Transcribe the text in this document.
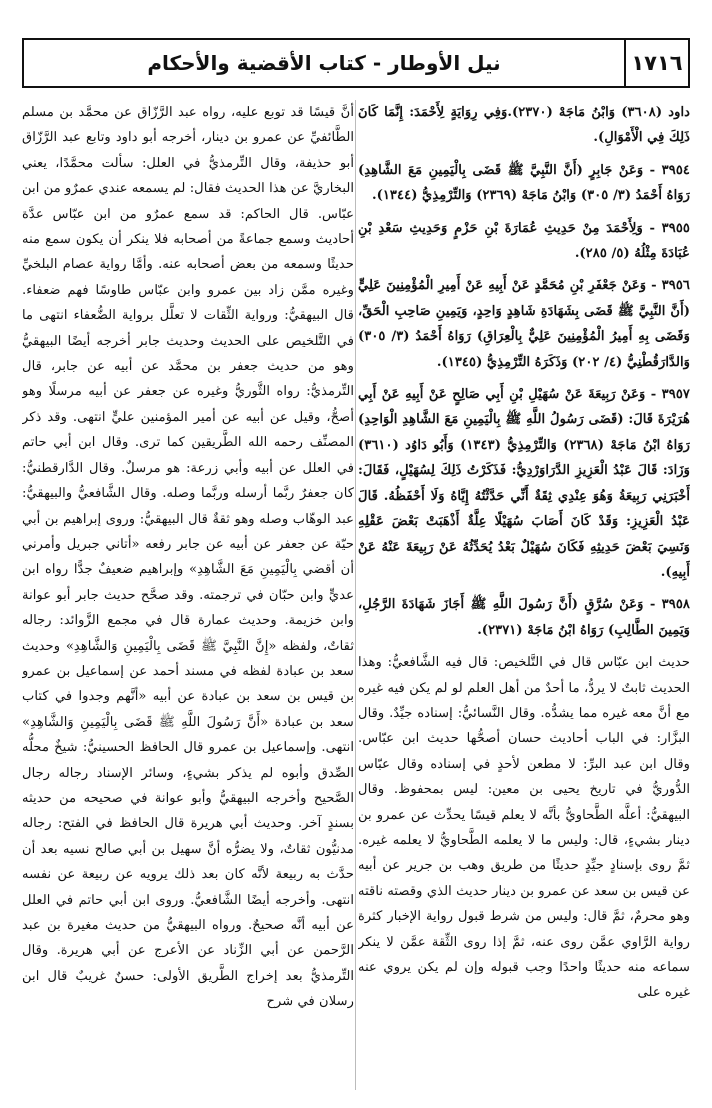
١٧١٦
نيل الأوطار - كتاب الأقضية والأحكام

داود (٣٦٠٨) وَابْنُ مَاجَهْ (٢٣٧٠).وَفِي رِوَايَةٍ لِأَحْمَدَ: إِنَّمَا كَانَ ذَلِكَ فِي الْأَمْوَالِ).

٣٩٥٤ - وَعَنْ جَابِرٍ (أَنَّ النَّبِيَّ ﷺ قَضَى بِالْيَمِينِ مَعَ الشَّاهِدِ) رَوَاهُ أَحْمَدُ (٣/ ٣٠٥) وَابْنُ مَاجَهْ (٢٣٦٩) وَالتِّرْمِذِيُّ (١٣٤٤).

٣٩٥٥ - وَلِأَحْمَدَ مِنْ حَدِيثِ عُمَارَةَ بْنِ حَزْمٍ وَحَدِيثِ سَعْدِ بْنِ عُبَادَةَ مِثْلُهُ (٥/ ٢٨٥).

٣٩٥٦ - وَعَنْ جَعْفَرِ بْنِ مُحَمَّدٍ عَنْ أَبِيهِ عَنْ أَمِيرِ الْمُؤْمِنِينَ عَلِيٍّ (أَنَّ النَّبِيَّ ﷺ قَضَى بِشَهَادَةِ شَاهِدٍ وَاحِدٍ، وَيَمِينِ صَاحِبِ الْحَقِّ، وَقَضَى بِهِ أَمِيرُ الْمُؤْمِنِينَ عَلِيٌّ بِالْعِرَاقِ) رَوَاهُ أَحْمَدُ (٣/ ٣٠٥) وَالدَّارَقُطْنِيُّ (٤/ ٢٠٢) وَذَكَرَهُ التِّرْمِذِيُّ (١٣٤٥).

٣٩٥٧ - وَعَنْ رَبِيعَةَ عَنْ سُهَيْلِ بْنِ أَبِي صَالِحٍ عَنْ أَبِيهِ عَنْ أَبِي هُرَيْرَةَ قَالَ: (قَضَى رَسُولُ اللَّهِ ﷺ بِالْيَمِينِ مَعَ الشَّاهِدِ الْوَاحِدِ) رَوَاهُ ابْنُ مَاجَهْ (٢٣٦٨) وَالتِّرْمِذِيُّ (١٣٤٣) وَأَبُو دَاوُد (٣٦١٠) وَزَادَ: قَالَ عَبْدُ الْعَزِيزِ الدَّرَاوَرْدِيُّ: فَذَكَرْتُ ذَلِكَ لِسُهَيْلٍ، فَقَالَ: أَخْبَرَنِي رَبِيعَةُ وَهُوَ عِنْدِي ثِقَةٌ أَنِّي حَدَّثْتُهُ إِيَّاهُ وَلَا أَحْفَظُهُ. قَالَ عَبْدُ الْعَزِيزِ: وَقَدْ كَانَ أَصَابَ سُهَيْلًا عِلَّةٌ أَذْهَبَتْ بَعْضَ عَقْلِهِ وَنَسِيَ بَعْضَ حَدِيثِهِ فَكَانَ سُهَيْلٌ بَعْدُ يُحَدِّثُهُ عَنْ رَبِيعَةَ عَنْهُ عَنْ أَبِيهِ).

٣٩٥٨ - وَعَنْ سُرَّقٍ (أَنَّ رَسُولَ اللَّهِ ﷺ أَجَازَ شَهَادَةَ الرَّجُلِ، وَيَمِينَ الطَّالِبِ) رَوَاهُ ابْنُ مَاجَهْ (٢٣٧١).

حديث ابن عبّاس قال في التَّلخيص: قال فيه الشَّافعيُّ: وهذا الحديث ثابتٌ لا يردُّ، ما أحدٌ من أهل العلم لو لم يكن فيه غيره مع أنَّ معه غيره مما يشدُّه. وقال النَّسائيُّ: إسناده جيِّدٌ. وقال البزَّار: في الباب أحاديث حسان أصحُّها حديث ابن عبّاس. وقال ابن عبد البرِّ: لا مطعن لأحدٍ في إسناده وقال عبّاس الدُّوريُّ في تاريخ يحيى بن معين: ليس بمحفوظ. وقال البيهقيُّ: أعلَّه الطَّحاويُّ بأنَّه لا يعلم قيسًا يحدِّث عن عمرو بن دينار بشيءٍ، قال: وليس ما لا يعلمه الطَّحاويُّ لا يعلمه غيره. ثمَّ روى بإسنادٍ جيِّدٍ حديثًا من طريق وهب بن جرير عن أبيه عن قيس بن سعد عن عمرو بن دينار حديث الذي وقصته ناقته وهو محرمٌ، ثمَّ قال: وليس من شرط قبول رواية الإخبار كثرة رواية الرَّاوي عمَّن روى عنه، ثمَّ إذا روى الثِّقة عمَّن لا ينكر سماعه منه حديثًا واحدًا وجب قبوله وإن لم يكن يروي عنه غيره على

أنَّ قيسًا قد توبع عليه، رواه عبد الرَّزّاق عن محمَّد بن مسلم الطَّائفيِّ عن عمرو بن دينار، أخرجه أبو داود وتابع عبد الرَّزّاق أبو حذيفة، وقال التِّرمذيُّ في العلل: سألت محمَّدًا، يعني البخاريَّ عن هذا الحديث فقال: لم يسمعه عندي عمرٌو من ابن عبّاس. قال الحاكم: قد سمع عمرٌو من ابن عبّاس عدَّة أحاديث وسمع جماعةً من أصحابه فلا ينكر أن يكون سمع منه حديثًا وسمعه من بعض أصحابه عنه. وأمَّا رواية عصام البلخيِّ وغيره ممَّن زاد بين عمرو وابن عبّاس طاوسًا فهم ضعفاء. قال البيهقيُّ: ورواية الثِّقات لا تعلَّل برواية الضُّعفاء انتهى ما في التَّلخيص على الحديث وحديث جابر أخرجه أيضًا البيهقيُّ وهو من حديث جعفر بن محمَّد عن أبيه عن جابر، قال التِّرمذيُّ: رواه الثَّوريُّ وغيره عن جعفر عن أبيه مرسلًا وهو أصحُّ، وقيل عن أبيه عن أمير المؤمنين عليٍّ انتهى. وقد ذكر المصنِّف رحمه الله الطَّريقين كما ترى. وقال ابن أبي حاتم في العلل عن أبيه وأبي زرعة: هو مرسلٌ. وقال الدَّارقطنيُّ: كان جعفرٌ ربَّما أرسله وربَّما وصله. وقال الشَّافعيُّ والبيهقيُّ: عبد الوهّاب وصله وهو ثقةٌ قال البيهقيُّ: وروى إبراهيم بن أبي حيّة عن جعفر عن أبيه عن جابر رفعه «أتاني جبريل وأمرني أن أقضي بِالْيَمِينِ مَعَ الشَّاهِدِ» وإبراهيم ضعيفٌ جدًّا رواه ابن عديٍّ وابن حبّان في ترجمته. وقد صحَّح حديث جابر أبو عوانة وابن خزيمة. وحديث عمارة قال في مجمع الزَّوائد: رجاله ثقاتٌ، ولفظه «إِنَّ النَّبِيَّ ﷺ قَضَى بِالْيَمِينِ وَالشَّاهِدِ» وحديث سعد بن عبادة لفظه في مسند أحمد عن إسماعيل بن عمرو بن قيس بن سعد بن عبادة عن أبيه «أنَّهم وجدوا في كتاب سعد بن عبادة «أَنَّ رَسُولَ اللَّهِ ﷺ قَضَى بِالْيَمِينِ وَالشَّاهِدِ» انتهى. وإسماعيل بن عمرو قال الحافظ الحسينيُّ: شيخٌ محلُّه الصِّدق وأبوه لم يذكر بشيءٍ، وسائر الإسناد رجاله رجال الصَّحيح وأخرجه البيهقيُّ وأبو عوانة في صحيحه من حديثه بسندٍ آخر. وحديث أبي هريرة قال الحافظ في الفتح: رجاله مدنيُّون ثقاتٌ، ولا يضرُّه أنَّ سهيل بن أبي صالح نسيه بعد أن حدَّث به ربيعة لأنَّه كان بعد ذلك يرويه عن ربيعة عن نفسه انتهى. وأخرجه أيضًا الشَّافعيُّ. وروى ابن أبي حاتم في العلل عن أبيه أنَّه صحيحٌ. ورواه البيهقيُّ من حديث مغيرة بن عبد الرَّحمن عن أبي الزِّناد عن الأعرج عن أبي هريرة. وقال التِّرمذيُّ بعد إخراج الطَّريق الأولى: حسنٌ غريبٌ قال ابن رسلان في شرح
